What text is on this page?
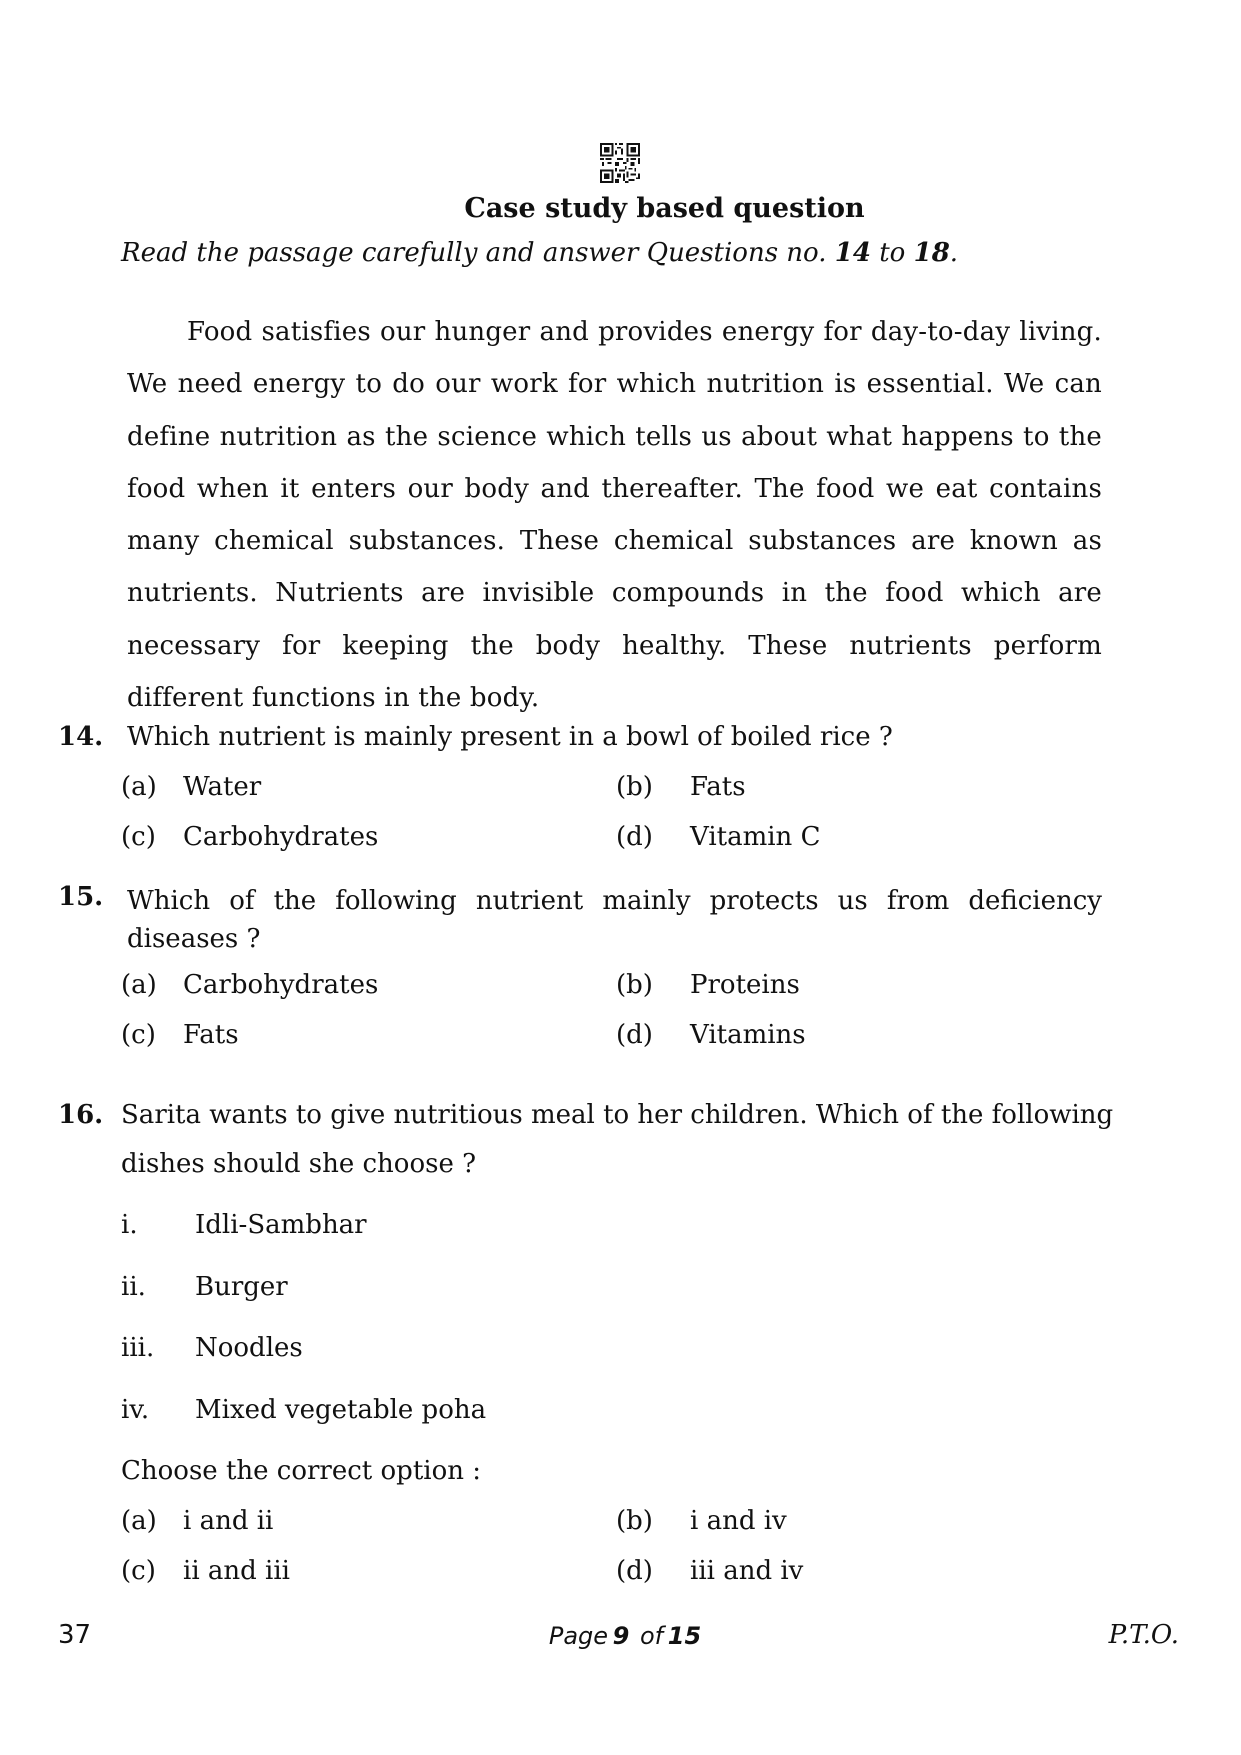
Case study based question
Read the passage carefully and answer Questions no. 14 to 18.
Food satisfies our hunger and provides energy for day-to-day living. We need energy to do our work for which nutrition is essential. We can define nutrition as the science which tells us about what happens to the food when it enters our body and thereafter. The food we eat contains many chemical substances. These chemical substances are known as nutrients. Nutrients are invisible compounds in the food which are necessary for keeping the body healthy. These nutrients perform different functions in the body.
14. Which nutrient is mainly present in a bowl of boiled rice ?
(a) Water	(b) Fats
(c) Carbohydrates	(d) Vitamin C
15. Which of the following nutrient mainly protects us from deficiency diseases ?
(a) Carbohydrates	(b) Proteins
(c) Fats	(d) Vitamins
16. Sarita wants to give nutritious meal to her children. Which of the following
dishes should she choose ?
i. Idli-Sambhar
ii. Burger
iii. Noodles
iv. Mixed vegetable poha
Choose the correct option :
(a) i and ii	(b) i and iv
(c) ii and iii	(d) iii and iv
37	Page 9 of 15	P.T.O.
